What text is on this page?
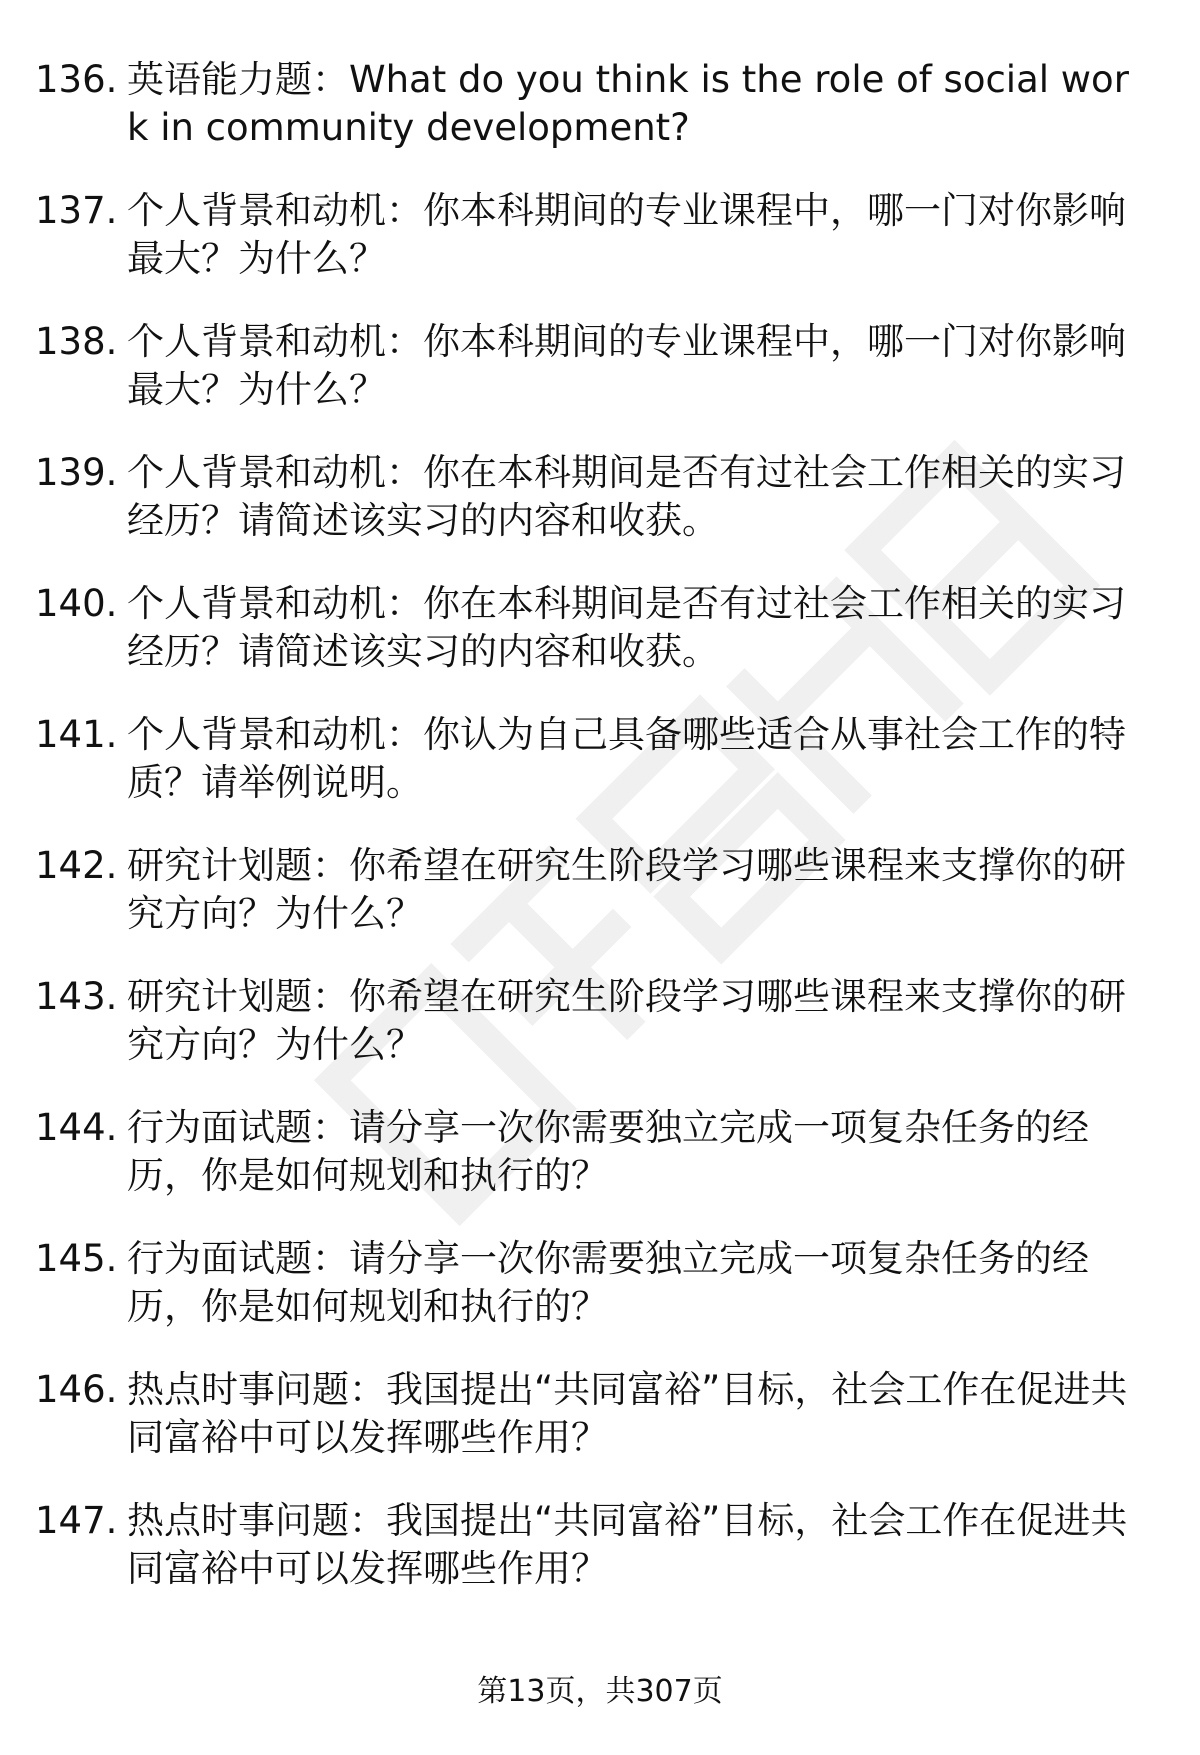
136. 英语能力题：What do you think is the role of social work in community development?
137. 个人背景和动机：你本科期间的专业课程中，哪一门对你影响最大？为什么？
138. 个人背景和动机：你本科期间的专业课程中，哪一门对你影响最大？为什么？
139. 个人背景和动机：你在本科期间是否有过社会工作相关的实习经历？请简述该实习的内容和收获。
140. 个人背景和动机：你在本科期间是否有过社会工作相关的实习经历？请简述该实习的内容和收获。
141. 个人背景和动机：你认为自己具备哪些适合从事社会工作的特质？请举例说明。
142. 研究计划题：你希望在研究生阶段学习哪些课程来支撑你的研究方向？为什么？
143. 研究计划题：你希望在研究生阶段学习哪些课程来支撑你的研究方向？为什么？
144. 行为面试题：请分享一次你需要独立完成一项复杂任务的经历，你是如何规划和执行的？
145. 行为面试题：请分享一次你需要独立完成一项复杂任务的经历，你是如何规划和执行的？
146. 热点时事问题：我国提出“共同富裕”目标，社会工作在促进共同富裕中可以发挥哪些作用？
147. 热点时事问题：我国提出“共同富裕”目标，社会工作在促进共同富裕中可以发挥哪些作用？
第13页，共307页
